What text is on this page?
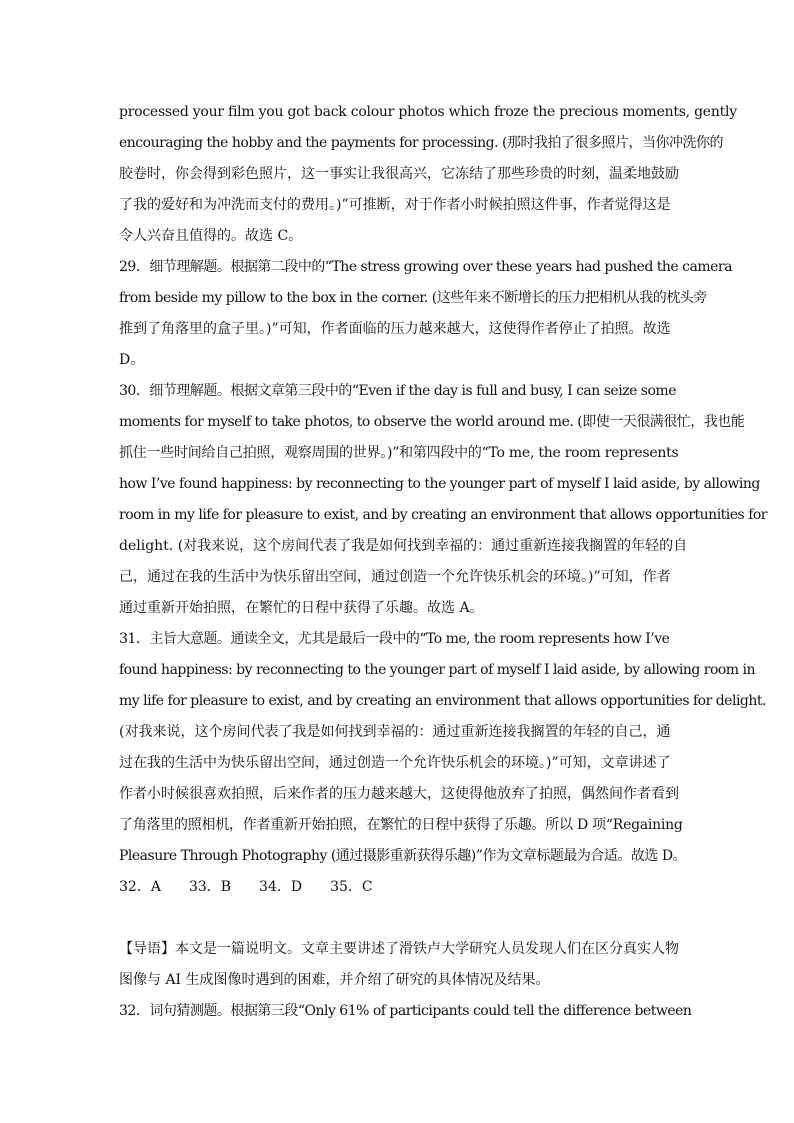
processed your film you got back colour photos which froze the precious moments, gently
encouraging the hobby and the payments for processing. (那时我拍了很多照片，当你冲洗你的
胶卷时，你会得到彩色照片，这一事实让我很高兴，它冻结了那些珍贵的时刻，温柔地鼓励
了我的爱好和为冲洗而支付的费用。)”可推断，对于作者小时候拍照这件事，作者觉得这是
令人兴奋且值得的。故选 C。
29．细节理解题。根据第二段中的“The stress growing over these years had pushed the camera
from beside my pillow to the box in the corner. (这些年来不断增长的压力把相机从我的枕头旁
推到了角落里的盒子里。)”可知，作者面临的压力越来越大，这使得作者停止了拍照。故选
D。
30．细节理解题。根据文章第三段中的“Even if the day is full and busy, I can seize some
moments for myself to take photos, to observe the world around me. (即使一天很满很忙，我也能
抓住一些时间给自己拍照，观察周围的世界。)”和第四段中的“To me, the room represents
how I’ve found happiness: by reconnecting to the younger part of myself I laid aside, by allowing
room in my life for pleasure to exist, and by creating an environment that allows opportunities for
delight. (对我来说，这个房间代表了我是如何找到幸福的：通过重新连接我搁置的年轻的自
己，通过在我的生活中为快乐留出空间，通过创造一个允许快乐机会的环境。)”可知，作者
通过重新开始拍照，在繁忙的日程中获得了乐趣。故选 A。
31．主旨大意题。通读全文，尤其是最后一段中的“To me, the room represents how I’ve
found happiness: by reconnecting to the younger part of myself I laid aside, by allowing room in
my life for pleasure to exist, and by creating an environment that allows opportunities for delight.
(对我来说，这个房间代表了我是如何找到幸福的：通过重新连接我搁置的年轻的自己，通
过在我的生活中为快乐留出空间，通过创造一个允许快乐机会的环境。)”可知，文章讲述了
作者小时候很喜欢拍照，后来作者的压力越来越大，这使得他放弃了拍照，偶然间作者看到
了角落里的照相机，作者重新开始拍照，在繁忙的日程中获得了乐趣。所以 D 项“Regaining
Pleasure Through Photography (通过摄影重新获得乐趣)”作为文章标题最为合适。故选 D。
32．A 33．B 34．D 35．C
【导语】本文是一篇说明文。文章主要讲述了滑铁卢大学研究人员发现人们在区分真实人物
图像与 AI 生成图像时遇到的困难，并介绍了研究的具体情况及结果。
32．词句猜测题。根据第三段“Only 61% of participants could tell the difference between
